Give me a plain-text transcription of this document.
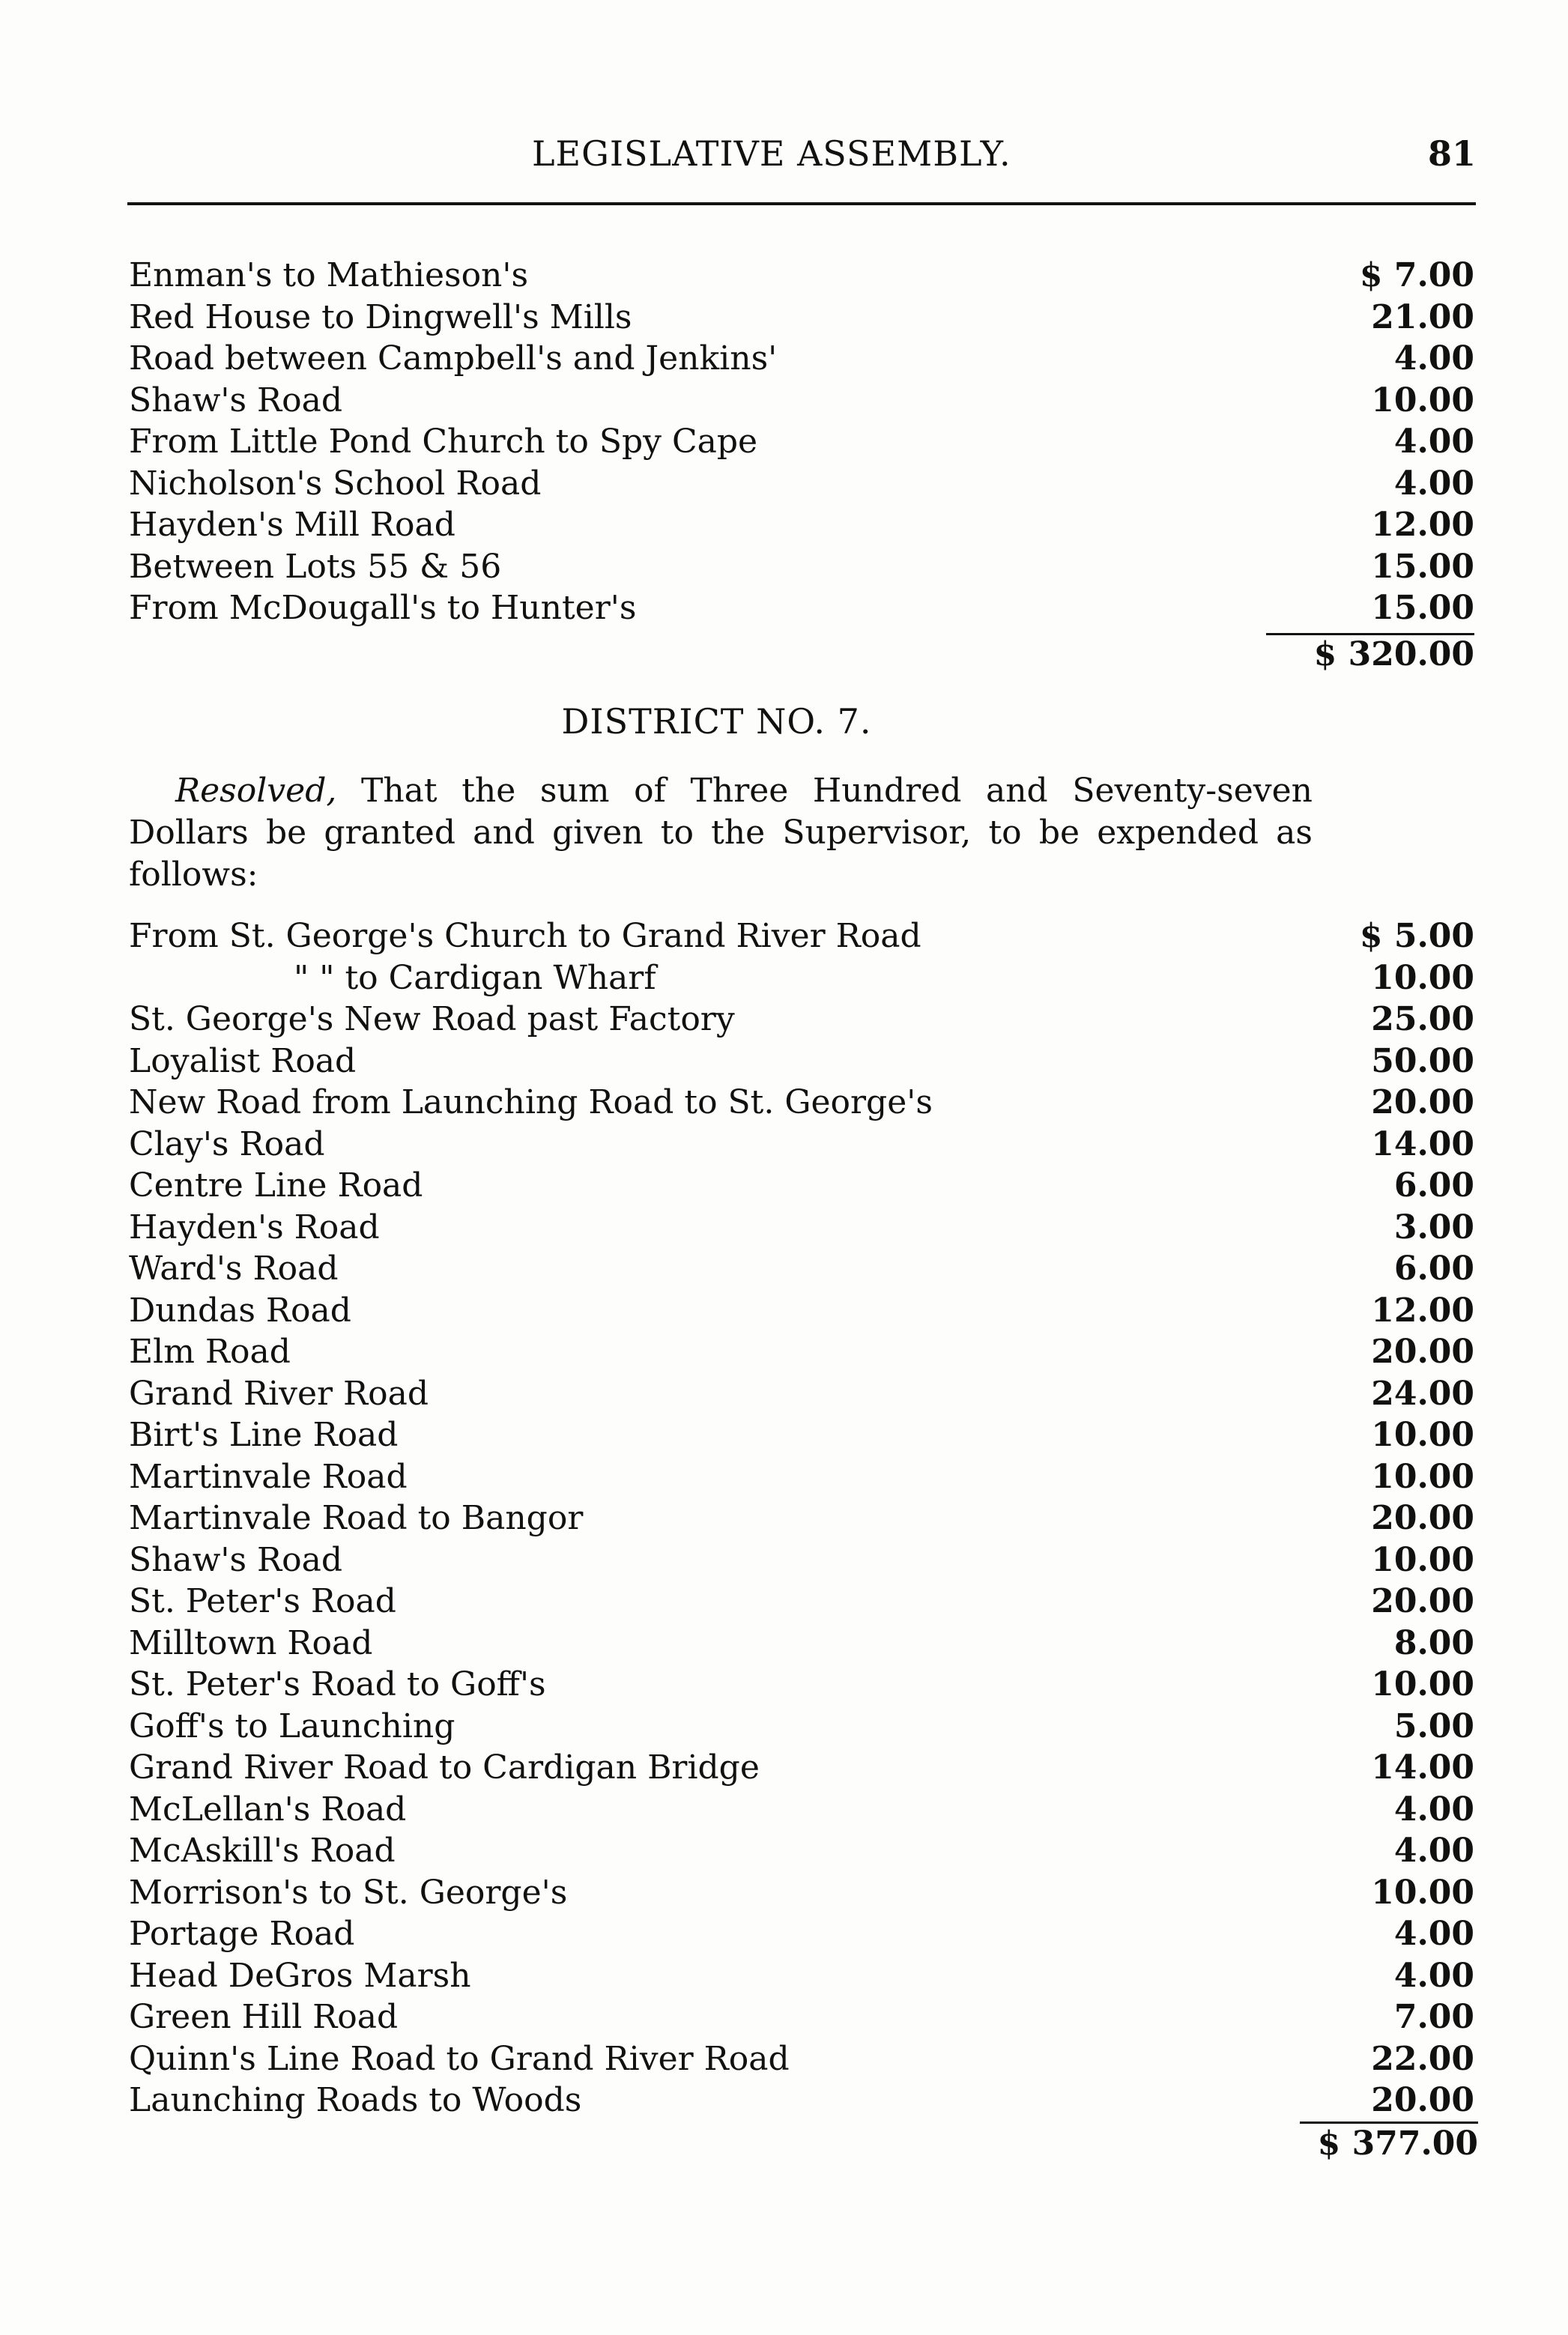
LEGISLATIVE ASSEMBLY.	81
Enman's to Mathieson's	$ 7.00
Red House to Dingwell's Mills	21.00
Road between Campbell's and Jenkins'	4.00
Shaw's Road	10.00
From Little Pond Church to Spy Cape	4.00
Nicholson's School Road	4.00
Hayden's Mill Road	12.00
Between Lots 55 & 56	15.00
From McDougall's to Hunter's	15.00
$ 320.00
DISTRICT NO. 7.
Resolved, That the sum of Three Hundred and Seventy-seven
Dollars be granted and given to the Supervisor, to be expended as
follows:
From St. George's Church to Grand River Road	$ 5.00
" " to Cardigan Wharf	10.00
St. George's New Road past Factory	25.00
Loyalist Road	50.00
New Road from Launching Road to St. George's	20.00
Clay's Road	14.00
Centre Line Road	6.00
Hayden's Road	3.00
Ward's Road	6.00
Dundas Road	12.00
Elm Road	20.00
Grand River Road	24.00
Birt's Line Road	10.00
Martinvale Road	10.00
Martinvale Road to Bangor	20.00
Shaw's Road	10.00
St. Peter's Road	20.00
Milltown Road	8.00
St. Peter's Road to Goff's	10.00
Goff's to Launching	5.00
Grand River Road to Cardigan Bridge	14.00
McLellan's Road	4.00
McAskill's Road	4.00
Morrison's to St. George's	10.00
Portage Road	4.00
Head DeGros Marsh	4.00
Green Hill Road	7.00
Quinn's Line Road to Grand River Road	22.00
Launching Roads to Woods	20.00
$ 377.00
